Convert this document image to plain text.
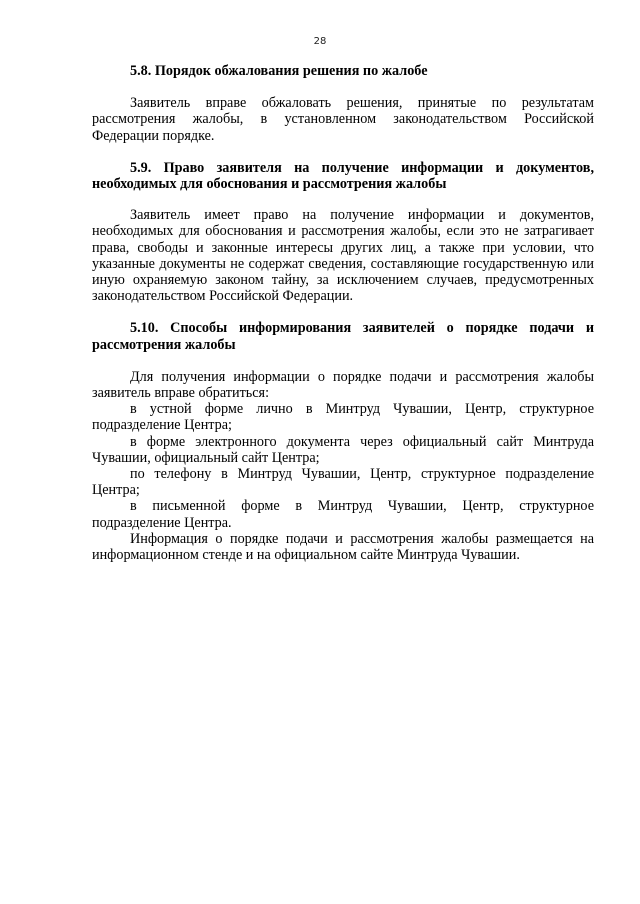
28

5.8. Порядок обжалования решения по жалобе

Заявитель вправе обжаловать решения, принятые по результатам рассмотрения жалобы, в установленном законодательством Российской Федерации порядке.

5.9. Право заявителя на получение информации и документов, необходимых для обоснования и рассмотрения жалобы

Заявитель имеет право на получение информации и документов, необходимых для обоснования и рассмотрения жалобы, если это не затрагивает права, свободы и законные интересы других лиц, а также при условии, что указанные документы не содержат сведения, составляющие государственную или иную охраняемую законом тайну, за исключением случаев, предусмотренных законодательством Российской Федерации.

5.10. Способы информирования заявителей о порядке подачи и рассмотрения жалобы

Для получения информации о порядке подачи и рассмотрения жалобы заявитель вправе обратиться:

в устной форме лично в Минтруд Чувашии, Центр, структурное подразделение Центра;

в форме электронного документа через официальный сайт Минтруда Чувашии, официальный сайт Центра;

по телефону в Минтруд Чувашии, Центр, структурное подразделение Центра;

в письменной форме в Минтруд Чувашии, Центр, структурное подразделение Центра.

Информация о порядке подачи и рассмотрения жалобы размещается на информационном стенде и на официальном сайте Минтруда Чувашии.
